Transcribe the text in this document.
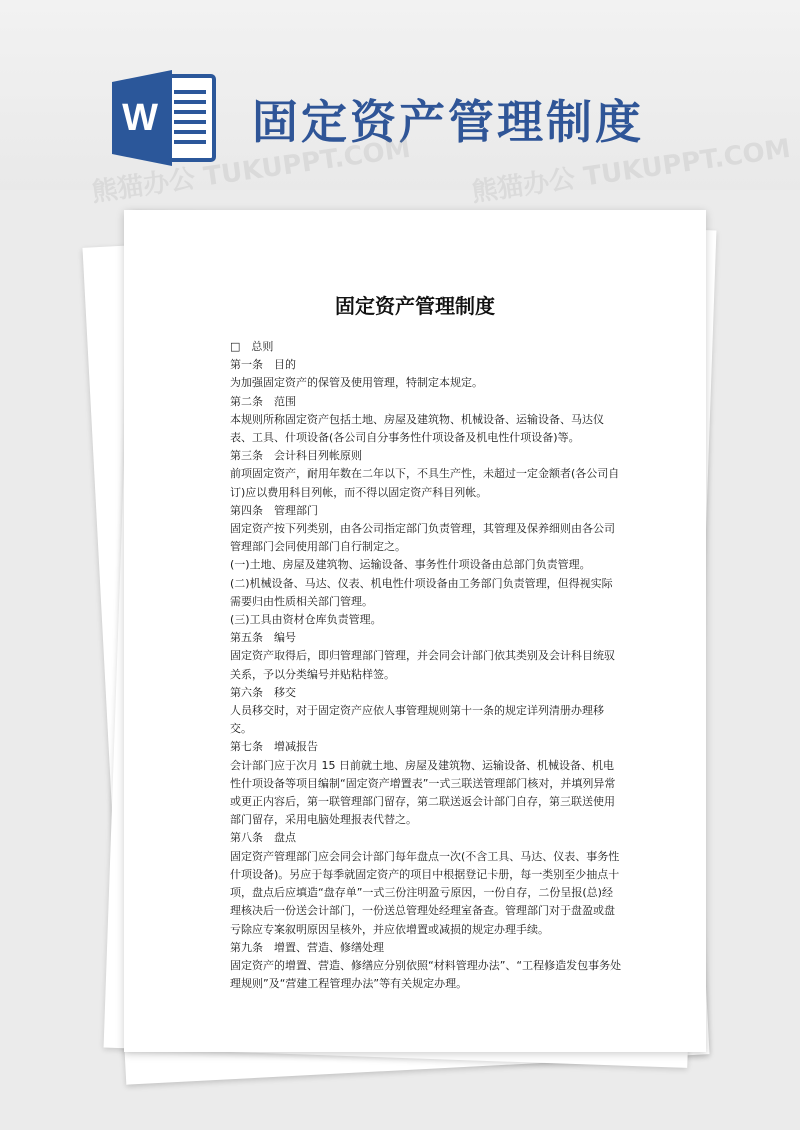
W 固定资产管理制度
固定资产管理制度

□　总则

第一条　目的

为加强固定资产的保管及使用管理，特制定本规定。

第二条　范围

本规则所称固定资产包括土地、房屋及建筑物、机械设备、运输设备、马达仪表、工具、什项设备(各公司自分事务性什项设备及机电性什项设备)等。

第三条　会计科目列帐原则

前项固定资产，耐用年数在二年以下，不具生产性，未超过一定金额者(各公司自订)应以费用科目列帐，而不得以固定资产科目列帐。

第四条　管理部门

固定资产按下列类别，由各公司指定部门负责管理，其管理及保养细则由各公司管理部门会同使用部门自行制定之。

(一)土地、房屋及建筑物、运输设备、事务性什项设备由总部门负责管理。

(二)机械设备、马达、仪表、机电性什项设备由工务部门负责管理，但得视实际需要归由性质相关部门管理。

(三)工具由资材仓库负责管理。

第五条　编号

固定资产取得后，即归管理部门管理，并会同会计部门依其类别及会计科目统驭关系，予以分类编号并贴粘样签。

第六条　移交

人员移交时，对于固定资产应依人事管理规则第十一条的规定详列清册办理移交。

第七条　增减报告

会计部门应于次月 15 日前就土地、房屋及建筑物、运输设备、机械设备、机电性什项设备等项目编制“固定资产增置表”一式三联送管理部门核对，并填列异常或更正内容后，第一联管理部门留存，第二联送返会计部门自存，第三联送使用部门留存，采用电脑处理报表代替之。

第八条　盘点

固定资产管理部门应会同会计部门每年盘点一次(不含工具、马达、仪表、事务性什项设备)。另应于每季就固定资产的项目中根据登记卡册，每一类别至少抽点十项，盘点后应填造“盘存单”一式三份注明盈亏原因，一份自存，二份呈报(总)经理核决后一份送会计部门，一份送总管理处经理室备查。管理部门对于盘盈或盘亏除应专案叙明原因呈核外，并应依增置或减损的规定办理手续。

第九条　增置、营造、修缮处理

固定资产的增置、营造、修缮应分别依照“材料管理办法”、“工程修造发包事务处理规则”及“营建工程管理办法”等有关规定办理。
